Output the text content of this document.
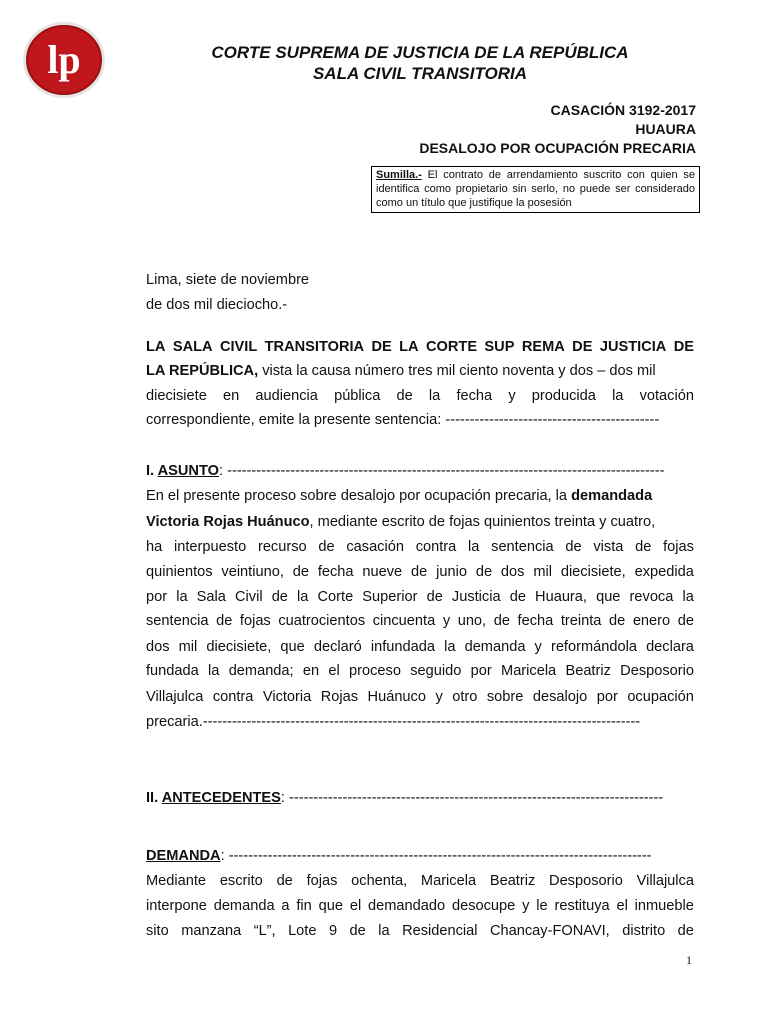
lp	CORTE SUPREMA DE JUSTICIA DE LA REPÚBLICA
SALA CIVIL TRANSITORIA
CASACIÓN 3192-2017
HUAURA
DESALOJO POR OCUPACIÓN PRECARIA
Sumilla.- El contrato de arrendamiento suscrito con quien se identifica como propietario sin serlo, no puede ser considerado como un título que justifique la posesión
Lima, siete de noviembre
de dos mil dieciocho.-
LA SALA CIVIL TRANSITORIA DE LA CORTE SUP REMA DE JUSTICIA DE
LA REPÚBLICA, vista la causa número tres mil ciento noventa y dos – dos mil
diecisiete en audiencia pública de la fecha y producida la votación
correspondiente, emite la presente sentencia: --------------------------------------------
I. ASUNTO: ------------------------------------------------------------------------------------------
En el presente proceso sobre desalojo por ocupación precaria, la demandada
Victoria Rojas Huánuco, mediante escrito de fojas quinientos treinta y cuatro,
ha interpuesto recurso de casación contra la sentencia de vista de fojas
quinientos veintiuno, de fecha nueve de junio de dos mil diecisiete, expedida
por la Sala Civil de la Corte Superior de Justicia de Huaura, que revoca la
sentencia de fojas cuatrocientos cincuenta y uno, de fecha treinta de enero de
dos mil diecisiete, que declaró infundada la demanda y reformándola declara
fundada la demanda; en el proceso seguido por Maricela Beatriz Desposorio
Villajulca contra Victoria Rojas Huánuco y otro sobre desalojo por ocupación
precaria.------------------------------------------------------------------------------------------
II. ANTECEDENTES: -----------------------------------------------------------------------------
DEMANDA: ---------------------------------------------------------------------------------------
Mediante escrito de fojas ochenta, Maricela Beatriz Desposorio Villajulca
interpone demanda a fin que el demandado desocupe y le restituya el inmueble
sito manzana “L”, Lote 9 de la Residencial Chancay-FONAVI, distrito de
1
